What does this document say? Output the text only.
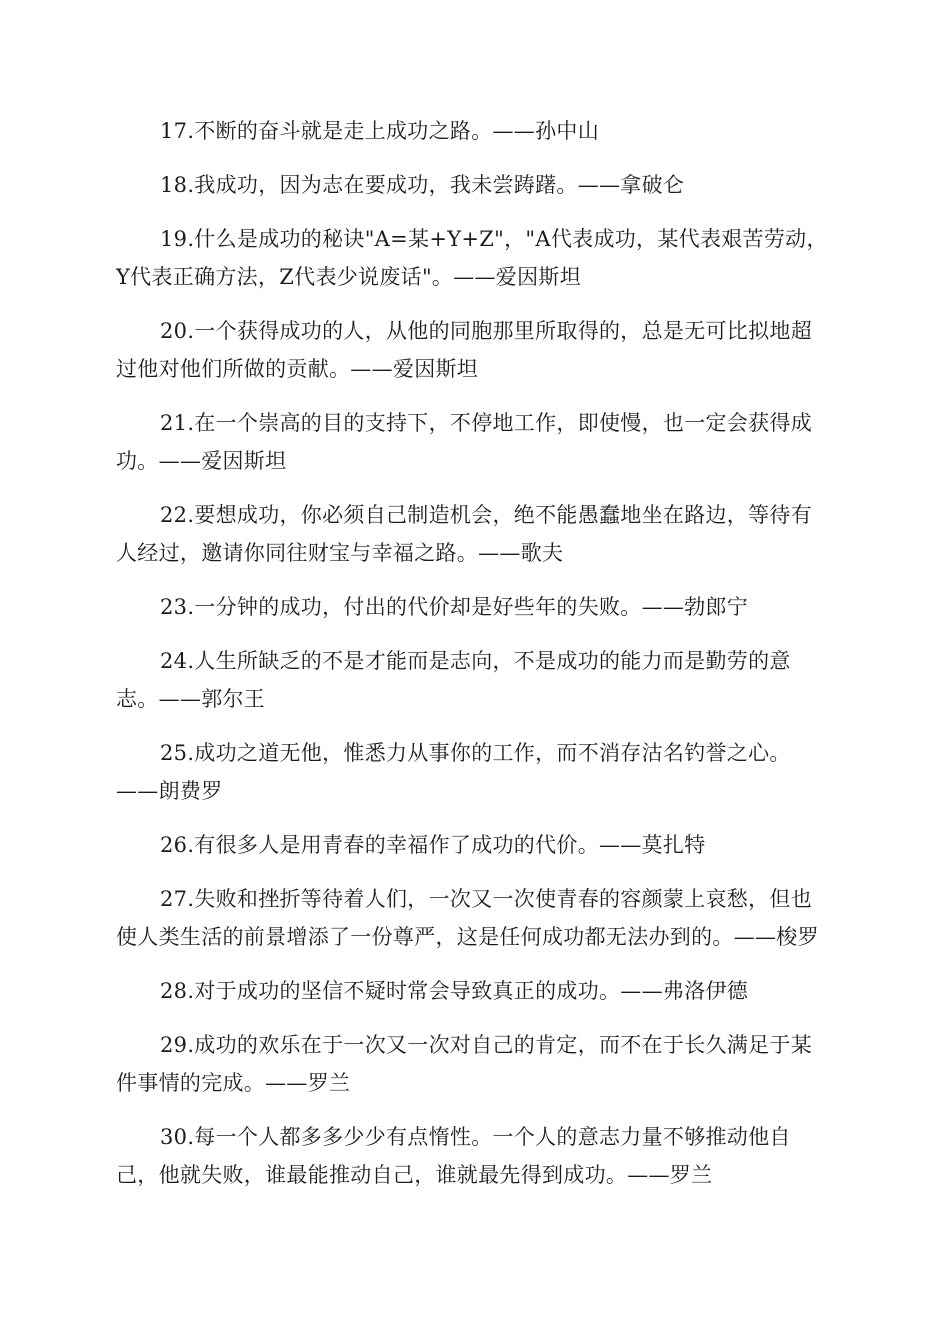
17.不断的奋斗就是走上成功之路。——孙中山

18.我成功，因为志在要成功，我未尝踌躇。——拿破仑

19.什么是成功的秘诀"A=某+Y+Z"，"A代表成功，某代表艰苦劳动，Y代表正确方法，Z代表少说废话"。——爱因斯坦

20.一个获得成功的人，从他的同胞那里所取得的，总是无可比拟地超过他对他们所做的贡献。——爱因斯坦

21.在一个崇高的目的支持下，不停地工作，即使慢，也一定会获得成功。——爱因斯坦

22.要想成功，你必须自己制造机会，绝不能愚蠢地坐在路边，等待有人经过，邀请你同往财宝与幸福之路。——歌夫

23.一分钟的成功，付出的代价却是好些年的失败。——勃郎宁

24.人生所缺乏的不是才能而是志向，不是成功的能力而是勤劳的意志。——郭尔王

25.成功之道无他，惟悉力从事你的工作，而不消存沽名钓誉之心。——朗费罗

26.有很多人是用青春的幸福作了成功的代价。——莫扎特

27.失败和挫折等待着人们，一次又一次使青春的容颜蒙上哀愁，但也使人类生活的前景增添了一份尊严，这是任何成功都无法办到的。——梭罗

28.对于成功的坚信不疑时常会导致真正的成功。——弗洛伊德

29.成功的欢乐在于一次又一次对自己的肯定，而不在于长久满足于某件事情的完成。——罗兰

30.每一个人都多多少少有点惰性。一个人的意志力量不够推动他自己，他就失败，谁最能推动自己，谁就最先得到成功。——罗兰
